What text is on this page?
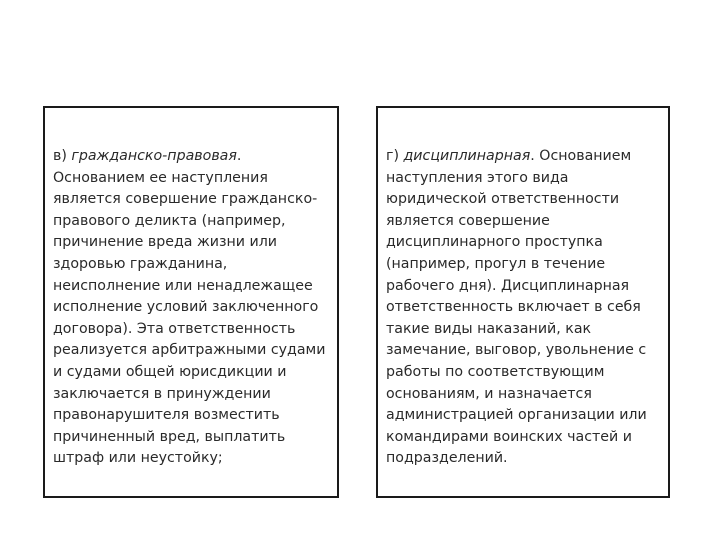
в) гражданско-правовая.
Основанием ее наступления
является совершение гражданско-
правового деликта (например,
причинение вреда жизни или
здоровью гражданина,
неисполнение или ненадлежащее
исполнение условий заключенного
договора). Эта ответственность
реализуется арбитражными судами
и судами общей юрисдикции и
заключается в принуждении
правонарушителя возместить
причиненный вред, выплатить
штраф или неустойку;
г) дисциплинарная. Основанием
наступления этого вида
юридической ответственности
является совершение
дисциплинарного проступка
(например, прогул в течение
рабочего дня). Дисциплинарная
ответственность включает в себя
такие виды наказаний, как
замечание, выговор, увольнение с
работы по соответствующим
основаниям, и назначается
администрацией организации или
командирами воинских частей и
подразделений.
